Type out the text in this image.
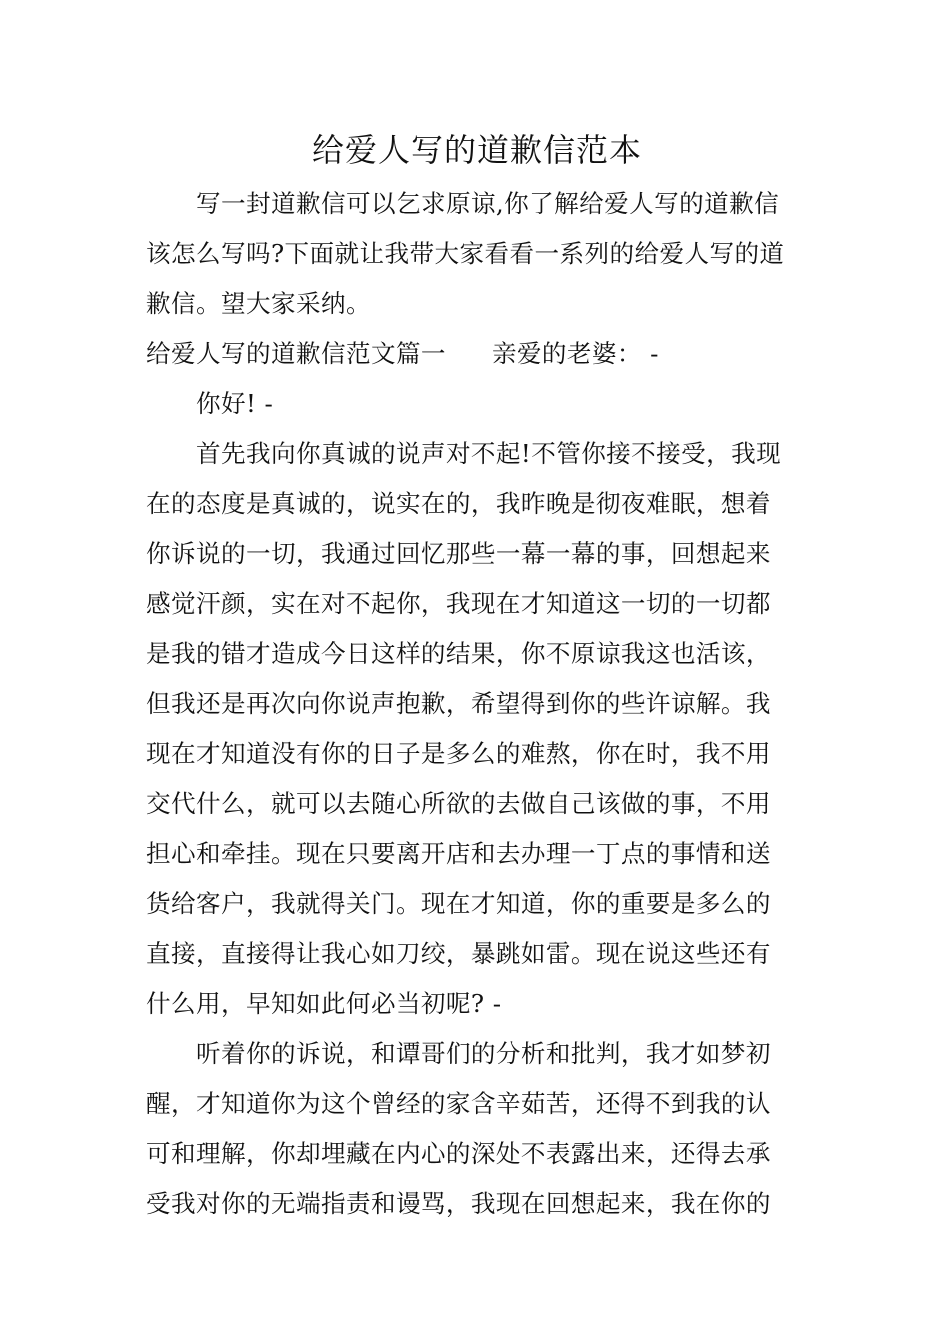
给爱人写的道歉信范本
写一封道歉信可以乞求原谅,你了解给爱人写的道歉信
该怎么写吗?下面就让我带大家看看一系列的给爱人写的道
歉信。望大家采纳。
给爱人写的道歉信范文篇一 亲爱的老婆： -
你好! -
首先我向你真诚的说声对不起!不管你接不接受，我现
在的态度是真诚的，说实在的，我昨晚是彻夜难眠，想着
你诉说的一切，我通过回忆那些一幕一幕的事，回想起来
感觉汗颜，实在对不起你，我现在才知道这一切的一切都
是我的错才造成今日这样的结果，你不原谅我这也活该，
但我还是再次向你说声抱歉，希望得到你的些许谅解。我
现在才知道没有你的日子是多么的难熬，你在时，我不用
交代什么，就可以去随心所欲的去做自己该做的事，不用
担心和牵挂。现在只要离开店和去办理一丁点的事情和送
货给客户，我就得关门。现在才知道，你的重要是多么的
直接，直接得让我心如刀绞，暴跳如雷。现在说这些还有
什么用，早知如此何必当初呢? -
听着你的诉说，和谭哥们的分析和批判，我才如梦初
醒，才知道你为这个曾经的家含辛茹苦，还得不到我的认
可和理解，你却埋藏在内心的深处不表露出来，还得去承
受我对你的无端指责和谩骂，我现在回想起来，我在你的
